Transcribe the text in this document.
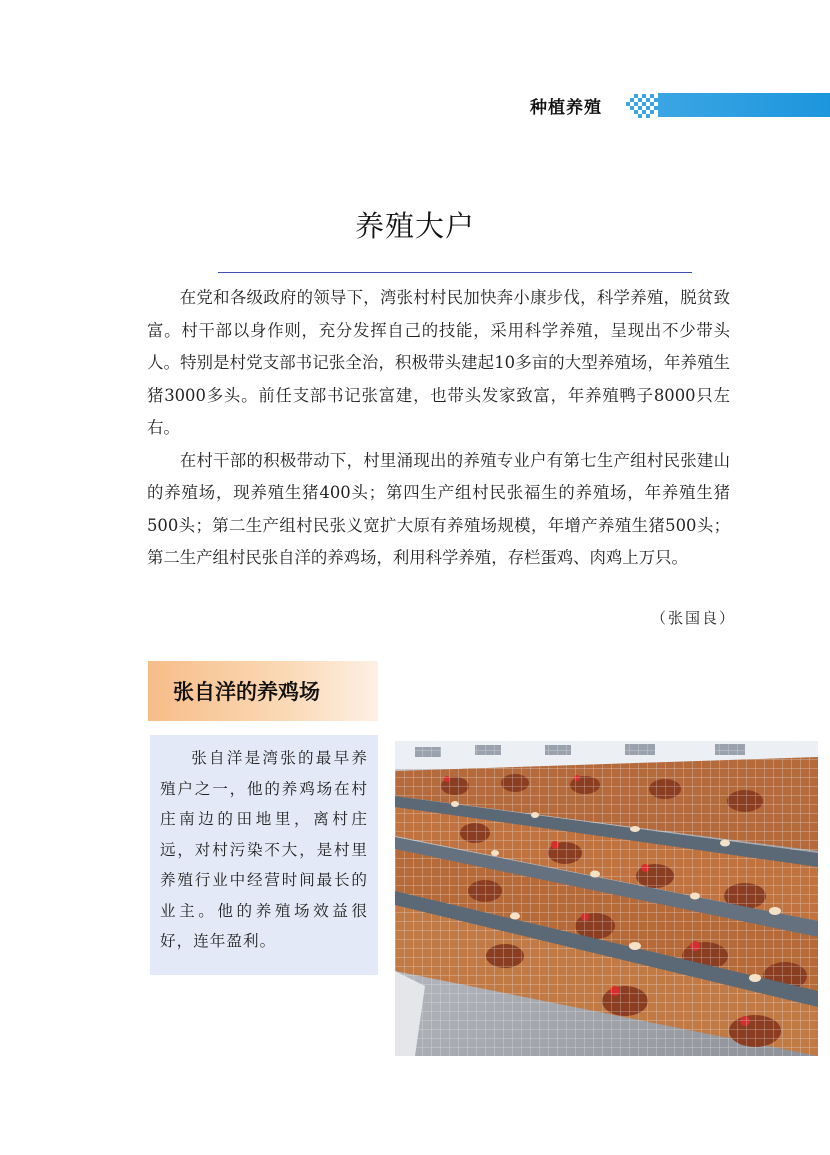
种植养殖
养殖大户

在党和各级政府的领导下，湾张村村民加快奔小康步伐，科学养殖，脱贫致富。村干部以身作则，充分发挥自己的技能，采用科学养殖，呈现出不少带头人。特别是村党支部书记张全治，积极带头建起10多亩的大型养殖场，年养殖生猪3000多头。前任支部书记张富建，也带头发家致富，年养殖鸭子8000只左右。

在村干部的积极带动下，村里涌现出的养殖专业户有第七生产组村民张建山的养殖场，现养殖生猪400头；第四生产组村民张福生的养殖场，年养殖生猪500头；第二生产组村民张义宽扩大原有养殖场规模，年增产养殖生猪500头；第二生产组村民张自洋的养鸡场，利用科学养殖，存栏蛋鸡、肉鸡上万只。

（张国良）
张自洋的养鸡场

张自洋是湾张的最早养殖户之一，他的养鸡场在村庄南边的田地里，离村庄远，对村污染不大，是村里养殖行业中经营时间最长的业主。他的养殖场效益很好，连年盈利。
